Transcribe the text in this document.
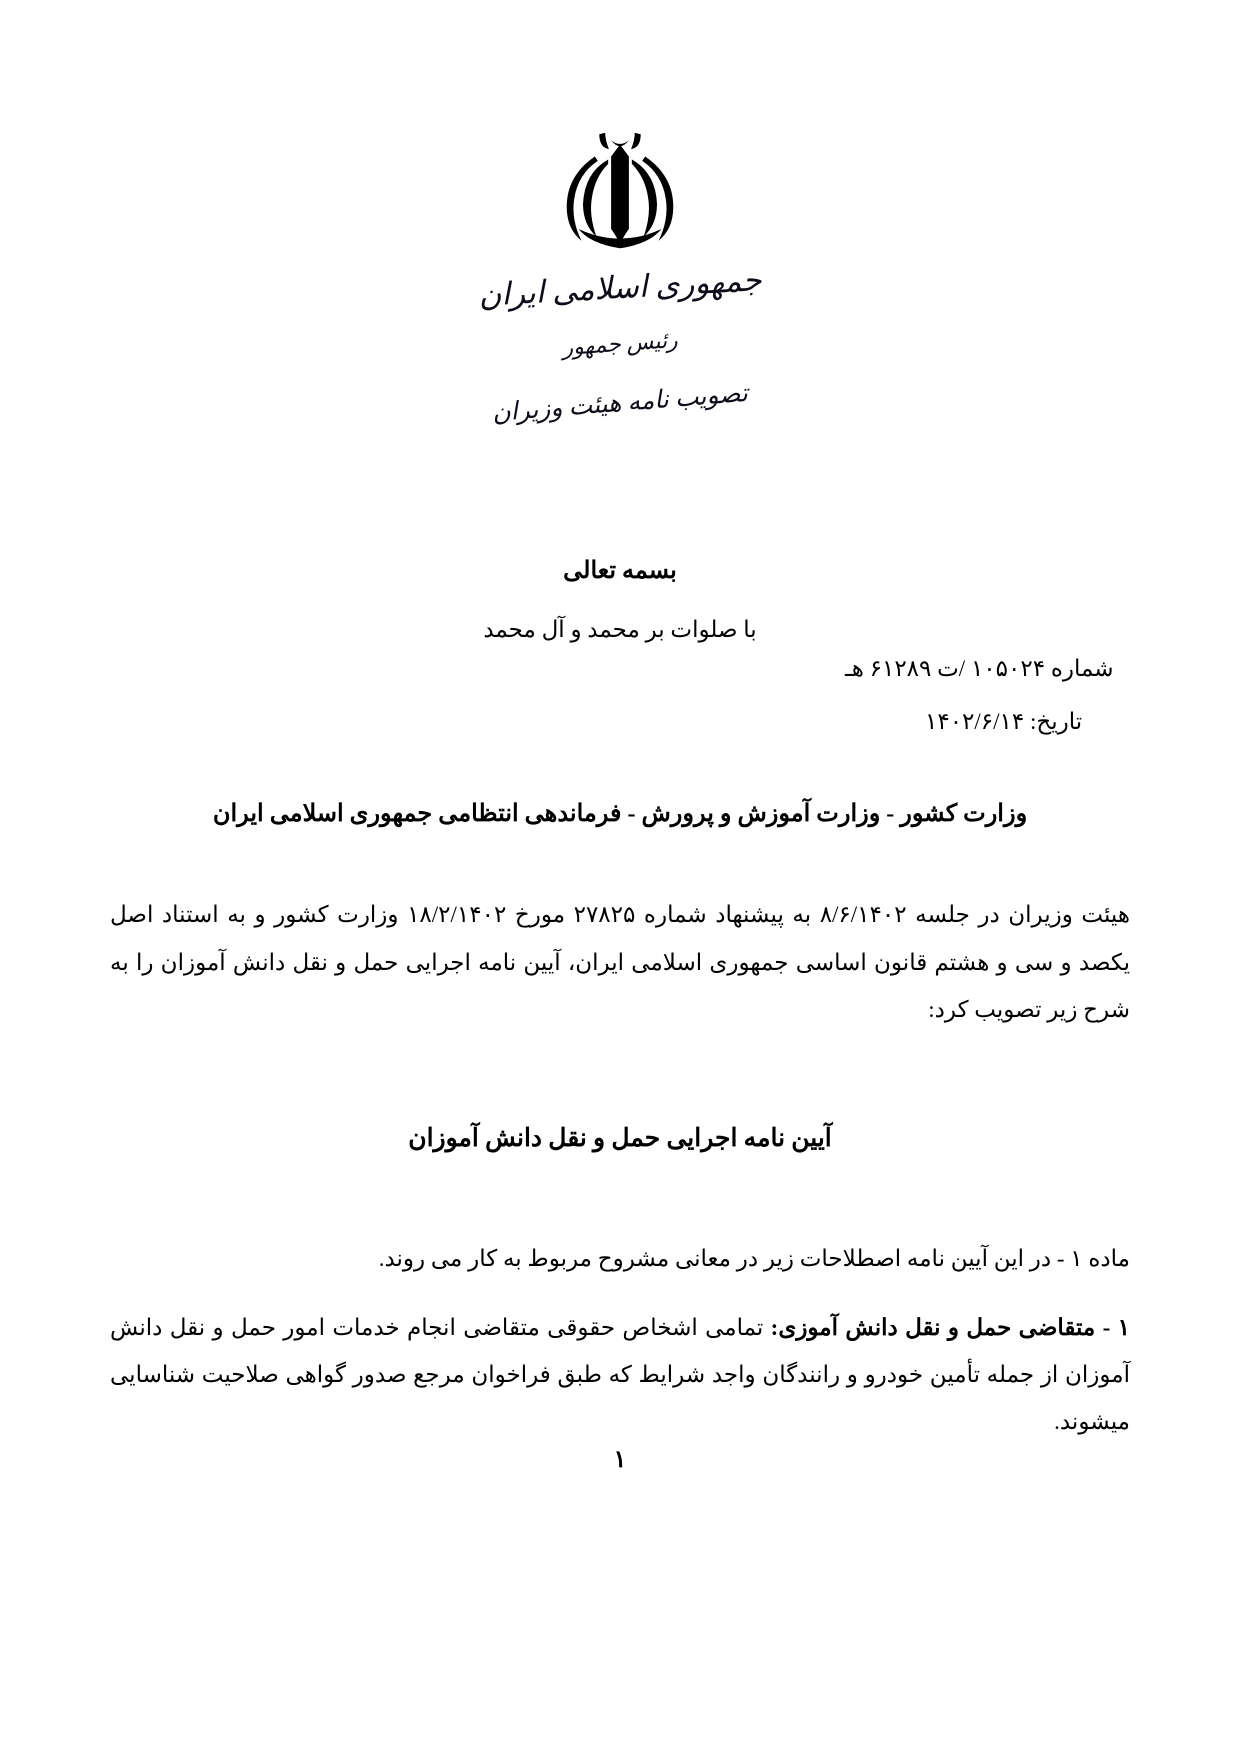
جمهوری اسلامی ایران
رئیس جمهور
تصویب نامه هیئت وزیران
بسمه تعالی
با صلوات بر محمد و آل محمد
شماره ۱۰۵۰۲۴ /ت ۶۱۲۸۹ هـ
تاریخ: ۱۴۰۲/۶/۱۴
وزارت کشور - وزارت آموزش و پرورش - فرماندهی انتظامی جمهوری اسلامی ایران

هیئت وزیران در جلسه ۸/۶/۱۴۰۲ به پیشنهاد شماره ۲۷۸۲۵ مورخ ۱۸/۲/۱۴۰۲ وزارت کشور و به استناد اصل یکصد و سی و هشتم قانون اساسی جمهوری اسلامی ایران، آیین نامه اجرایی حمل و نقل دانش آموزان را به شرح زیر تصویب کرد:

آیین نامه اجرایی حمل و نقل دانش آموزان

ماده ۱ - در این آیین نامه اصطلاحات زیر در معانی مشروح مربوط به کار می روند.

۱ - متقاضی حمل و نقل دانش آموزی: تمامی اشخاص حقوقی متقاضی انجام خدمات امور حمل و نقل دانش آموزان از جمله تأمین خودرو و رانندگان واجد شرایط که طبق فراخوان مرجع صدور گواهی صلاحیت شناسایی میشوند.

۱
